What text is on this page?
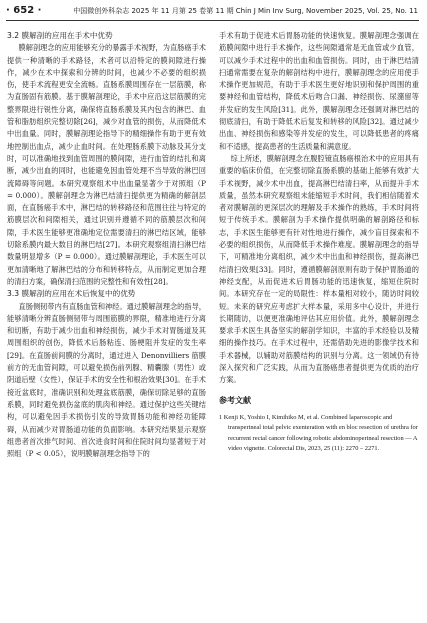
· 652 ·	中国微创外科杂志 2025 年 11 月第 25 卷第 11 期 Chin J Min Inv Surg, November 2025, Vol. 25, No. 11

3.2 膜解剖的应用在手术中优势

膜解剖理念的应用能够充分的暴露手术视野，为直肠癌手术提供一种清晰的手术路径，术者可以沿特定的膜间隙进行操作，减少在术中探索和分辨的时间，也减少不必要的组织损伤，使手术流程更安全流畅。直肠系膜周围存在一层筋膜，称为直肠固有筋膜。基于膜解剖理论，手术中应沿这层筋膜的完整界限进行锐性分离，确保将直肠系膜及其内包含的淋巴、血管和脂肪组织完整切除[26]，减少对血管的损伤，从而降低术中出血量。同时，膜解剖理论指导下的精细操作有助于更有效地控制出血点，减少止血时间。在处理肠系膜下动脉及其分支时，可以准确地找到血管周围的膜间隙，进行血管的结扎和离断，减少出血的同时，也能避免因血管处理不当导致的淋巴回流障碍等问题。本研究观察组术中出血量显著少于对照组（P = 0.000）。膜解剖理念为淋巴结清扫提供更为精确的解剖层面，在直肠癌手术中，淋巴结的转移路径和范围往往与特定的筋膜层次和间隙相关，通过识别并遵循不同的筋膜层次和间隙，手术医生能够更准确地定位需要清扫的淋巴结区域，能够切除系膜内最大数目的淋巴结[27]。本研究观察组清扫淋巴结数量明显增多（P = 0.000）。通过膜解剖理论，手术医生可以更加清晰地了解淋巴结的分布和转移特点，从而制定更加合理的清扫方案，确保清扫范围的完整性和有效性[28]。

3.3 膜解剖的应用在术后恢复中的优势

直肠侧韧带内有直肠血管和神经。通过膜解剖理念的指导，能够清晰分辨直肠侧韧带与周围筋膜的界限，精准地进行分离和切断，有助于减少出血和神经损伤，减少手术对胃肠道及其周围组织的创伤，降低术后肠粘连、肠梗阻并发症的发生率[29]。在直肠前间膜的分离时，通过进入 Denonvilliers 筋膜前方的无血管间隙，可以避免损伤前列腺、精囊腺（男性）或阴道后壁（女性），保证手术的安全性和根治效果[30]。在手术接近盆底时，准确识别和处理盆底筋膜，确保切除足够的直肠系膜，同时避免损伤盆底的肌肉和神经。通过保护这些关键结构，可以避免因手术损伤引发的导致胃肠功能和神经功能障碍，从而减少对胃肠道功能的负面影响。本研究结果显示观察组患者首次排气时间、首次进食时间和住院时间均显著短于对照组（P < 0.05），说明膜解剖理念指导下的

手术有助于促进术后胃肠功能的快速恢复。膜解剖理念强调在筋膜间隙中进行手术操作，这些间隙通常是无血管或少血管，可以减少手术过程中的出血和血管损伤。同时，由于淋巴结清扫通常需要在复杂的解剖结构中进行，膜解剖理念的应用使手术操作更加规范，有助于手术医生更好地识别和保护周围的重要神经和血管结构，降低术后吻合口漏、神经损伤、尿潴留等并发症的发生风险[31]。此外，膜解剖理念还强调对淋巴结的彻底清扫，有助于降低术后复发和转移的风险[32]。通过减少出血、神经损伤和感染等并发症的发生，可以降低患者的疼痛和不适感，提高患者的生活质量和满意度。

综上所述，膜解剖理念在腹腔镜直肠癌根治术中的应用具有重要的临床价值，在完整切除直肠系膜的基础上能够有效扩大手术视野，减少术中出血，提高淋巴结清扫率，从而提升手术质量，虽然本研究观察组未能缩短手术时间，我们相信随着术者对膜解剖的更深层次的理解及手术操作的熟练，手术时间将短于传统手术。膜解剖为手术操作提供明确的解剖路径和标志，手术医生能够更有针对性地进行操作，减少盲目探索和不必要的组织损伤，从而降低手术操作难度。膜解剖理念的指导下，可精准地分离组织，减少术中出血和神经损伤，提高淋巴结清扫效果[33]。同时，遵循膜解剖原则有助于保护胃肠道的神经支配，从而促进术后胃肠功能的迅速恢复，缩短住院时间。本研究存在一定的局限性：样本量相对较小，随访时间较短。未来的研究应考虑扩大样本量，采用多中心设计，并进行长期随访，以便更准确地评估其应用价值。此外，膜解剖理念要求手术医生具备坚实的解剖学知识，丰富的手术经验以及精细的操作技巧。在手术过程中，还需借助先进的影像学技术和手术器械，以辅助对筋膜结构的识别与分离。这一领域仍有待深入探究和广泛实践，从而为直肠癌患者提供更为优质的治疗方案。

参考文献

1 Kenji K, Yoshio I, Kimihiko M, et al. Combined laparoscopic and transperineal total pelvic exenteration with en bloc resection of urethra for recurrent rectal cancer following robotic abdominoperineal resection — A video vignette. Colorectal Dis, 2023, 25 (11): 2270 – 2271.
